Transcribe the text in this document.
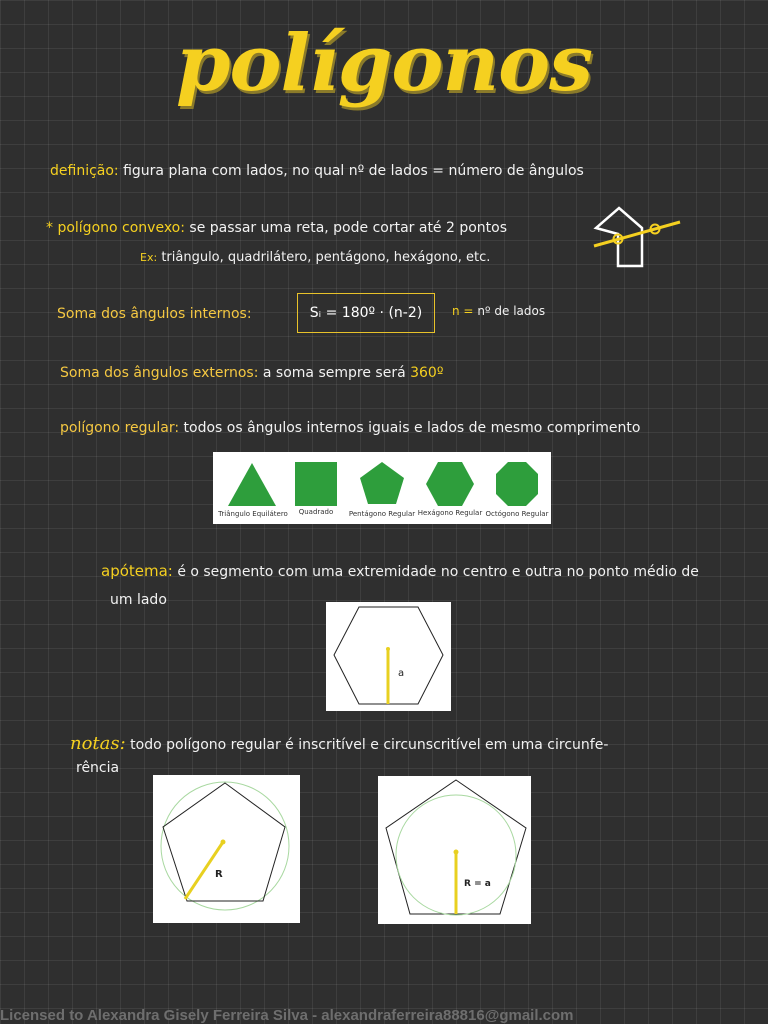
polígonos
definição: figura plana com lados, no qual nº de lados = número de ângulos
* polígono convexo: se passar uma reta, pode cortar até 2 pontos
Ex: triângulo, quadrilátero, pentágono, hexágono, etc.
Soma dos ângulos internos:	Sᵢ = 180º · (n-2) n = nº de lados
Soma dos ângulos externos: a soma sempre será 360º
polígono regular: todos os ângulos internos iguais e lados de mesmo comprimento
Triângulo Equilátero	Quadrado	Pentágono Regular Hexágono Regular Octógono Regular
apótema: é o segmento com uma extremidade no centro e outra no ponto médio de
um lado
a
notas: todo polígono regular é inscritível e circunscritível em uma circunfe-
rência
R
R = a
Licensed to Alexandra Gisely Ferreira Silva - alexandraferreira88816@gmail.com
